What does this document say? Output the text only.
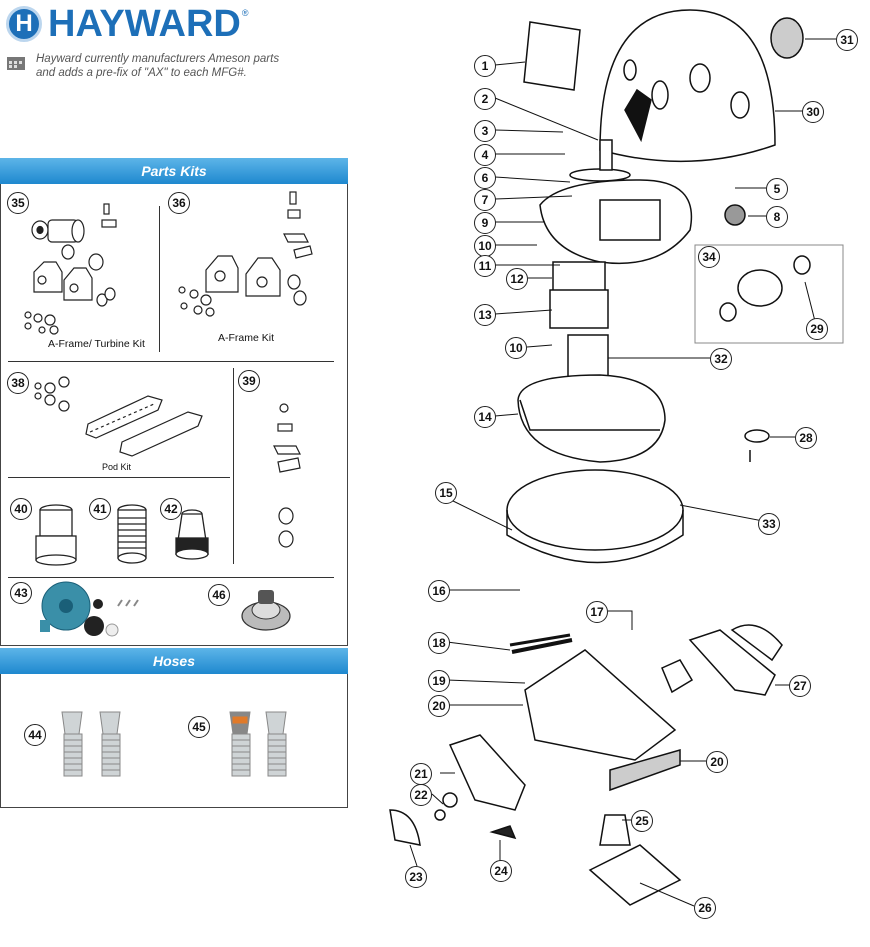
H HAYWARD ®
Hayward currently manufacturers Ameson parts
and adds a pre-fix of "AX" to each MFG#.
Parts Kits
35	36
38	39
40	41	42
43	46
A-Frame/ Turbine Kit	A-Frame Kit
Pod Kit
Hoses
44
45
1
2
3
4
5
6
7
8
9
10
10
11
12
13
14
15
16
17
18
19
20
20
21
22
23	24
25
26
27
28
29
30
31
32
33
34
